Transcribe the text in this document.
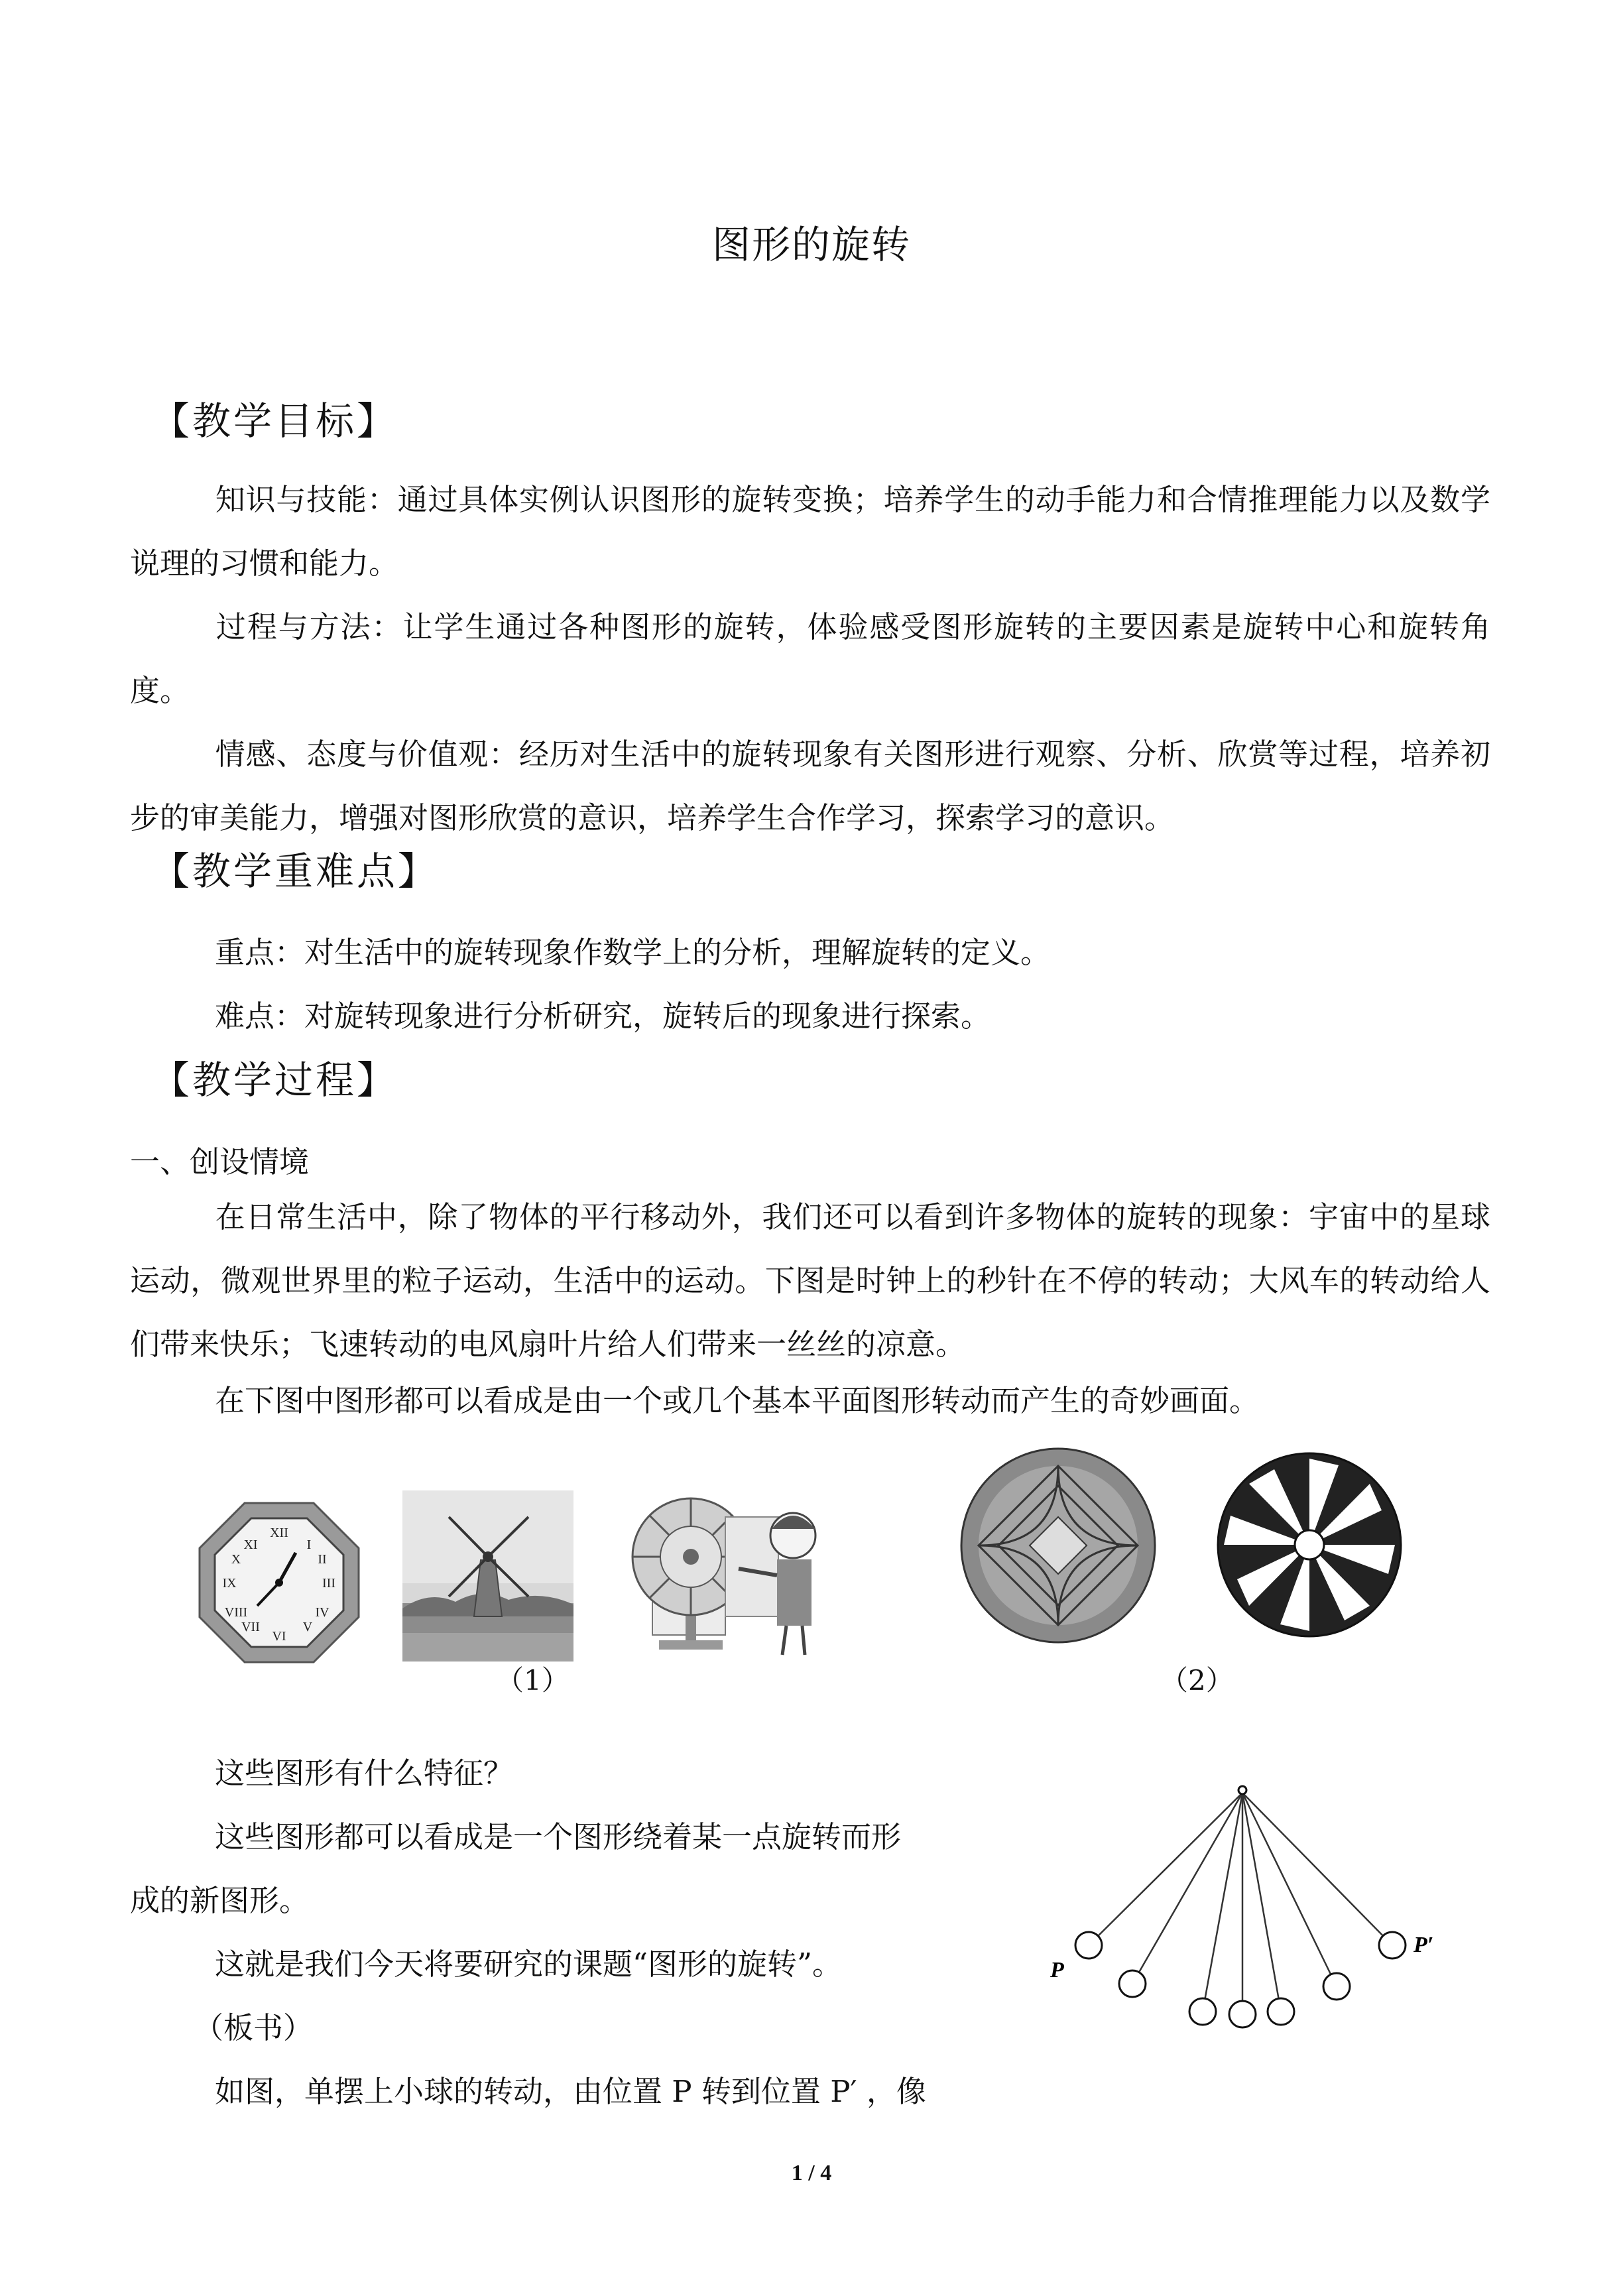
图形的旋转
【教学目标】
知识与技能：通过具体实例认识图形的旋转变换；培养学生的动手能力和合情推理能力以及数学说理的习惯和能力。
过程与方法：让学生通过各种图形的旋转，体验感受图形旋转的主要因素是旋转中心和旋转角度。
情感、态度与价值观：经历对生活中的旋转现象有关图形进行观察、分析、欣赏等过程，培养初步的审美能力，增强对图形欣赏的意识，培养学生合作学习，探索学习的意识。
【教学重难点】
重点：对生活中的旋转现象作数学上的分析，理解旋转的定义。
难点：对旋转现象进行分析研究，旋转后的现象进行探索。
【教学过程】
一、创设情境
在日常生活中，除了物体的平行移动外，我们还可以看到许多物体的旋转的现象：宇宙中的星球运动，微观世界里的粒子运动，生活中的运动。下图是时钟上的秒针在不停的转动；大风车的转动给人们带来快乐；飞速转动的电风扇叶片给人们带来一丝丝的凉意。
在下图中图形都可以看成是由一个或几个基本平面图形转动而产生的奇妙画面。
XII
VI
III
IX
I
II
IV
V
VII
VIII
X
XI
（1）	（2）
这些图形有什么特征？
这些图形都可以看成是一个图形绕着某一点旋转而形
成的新图形。
这就是我们今天将要研究的课题“图形的旋转”。
（板书）
如图，单摆上小球的转动，由位置 P 转到位置 P′ ，像
P
P′
1 / 4
